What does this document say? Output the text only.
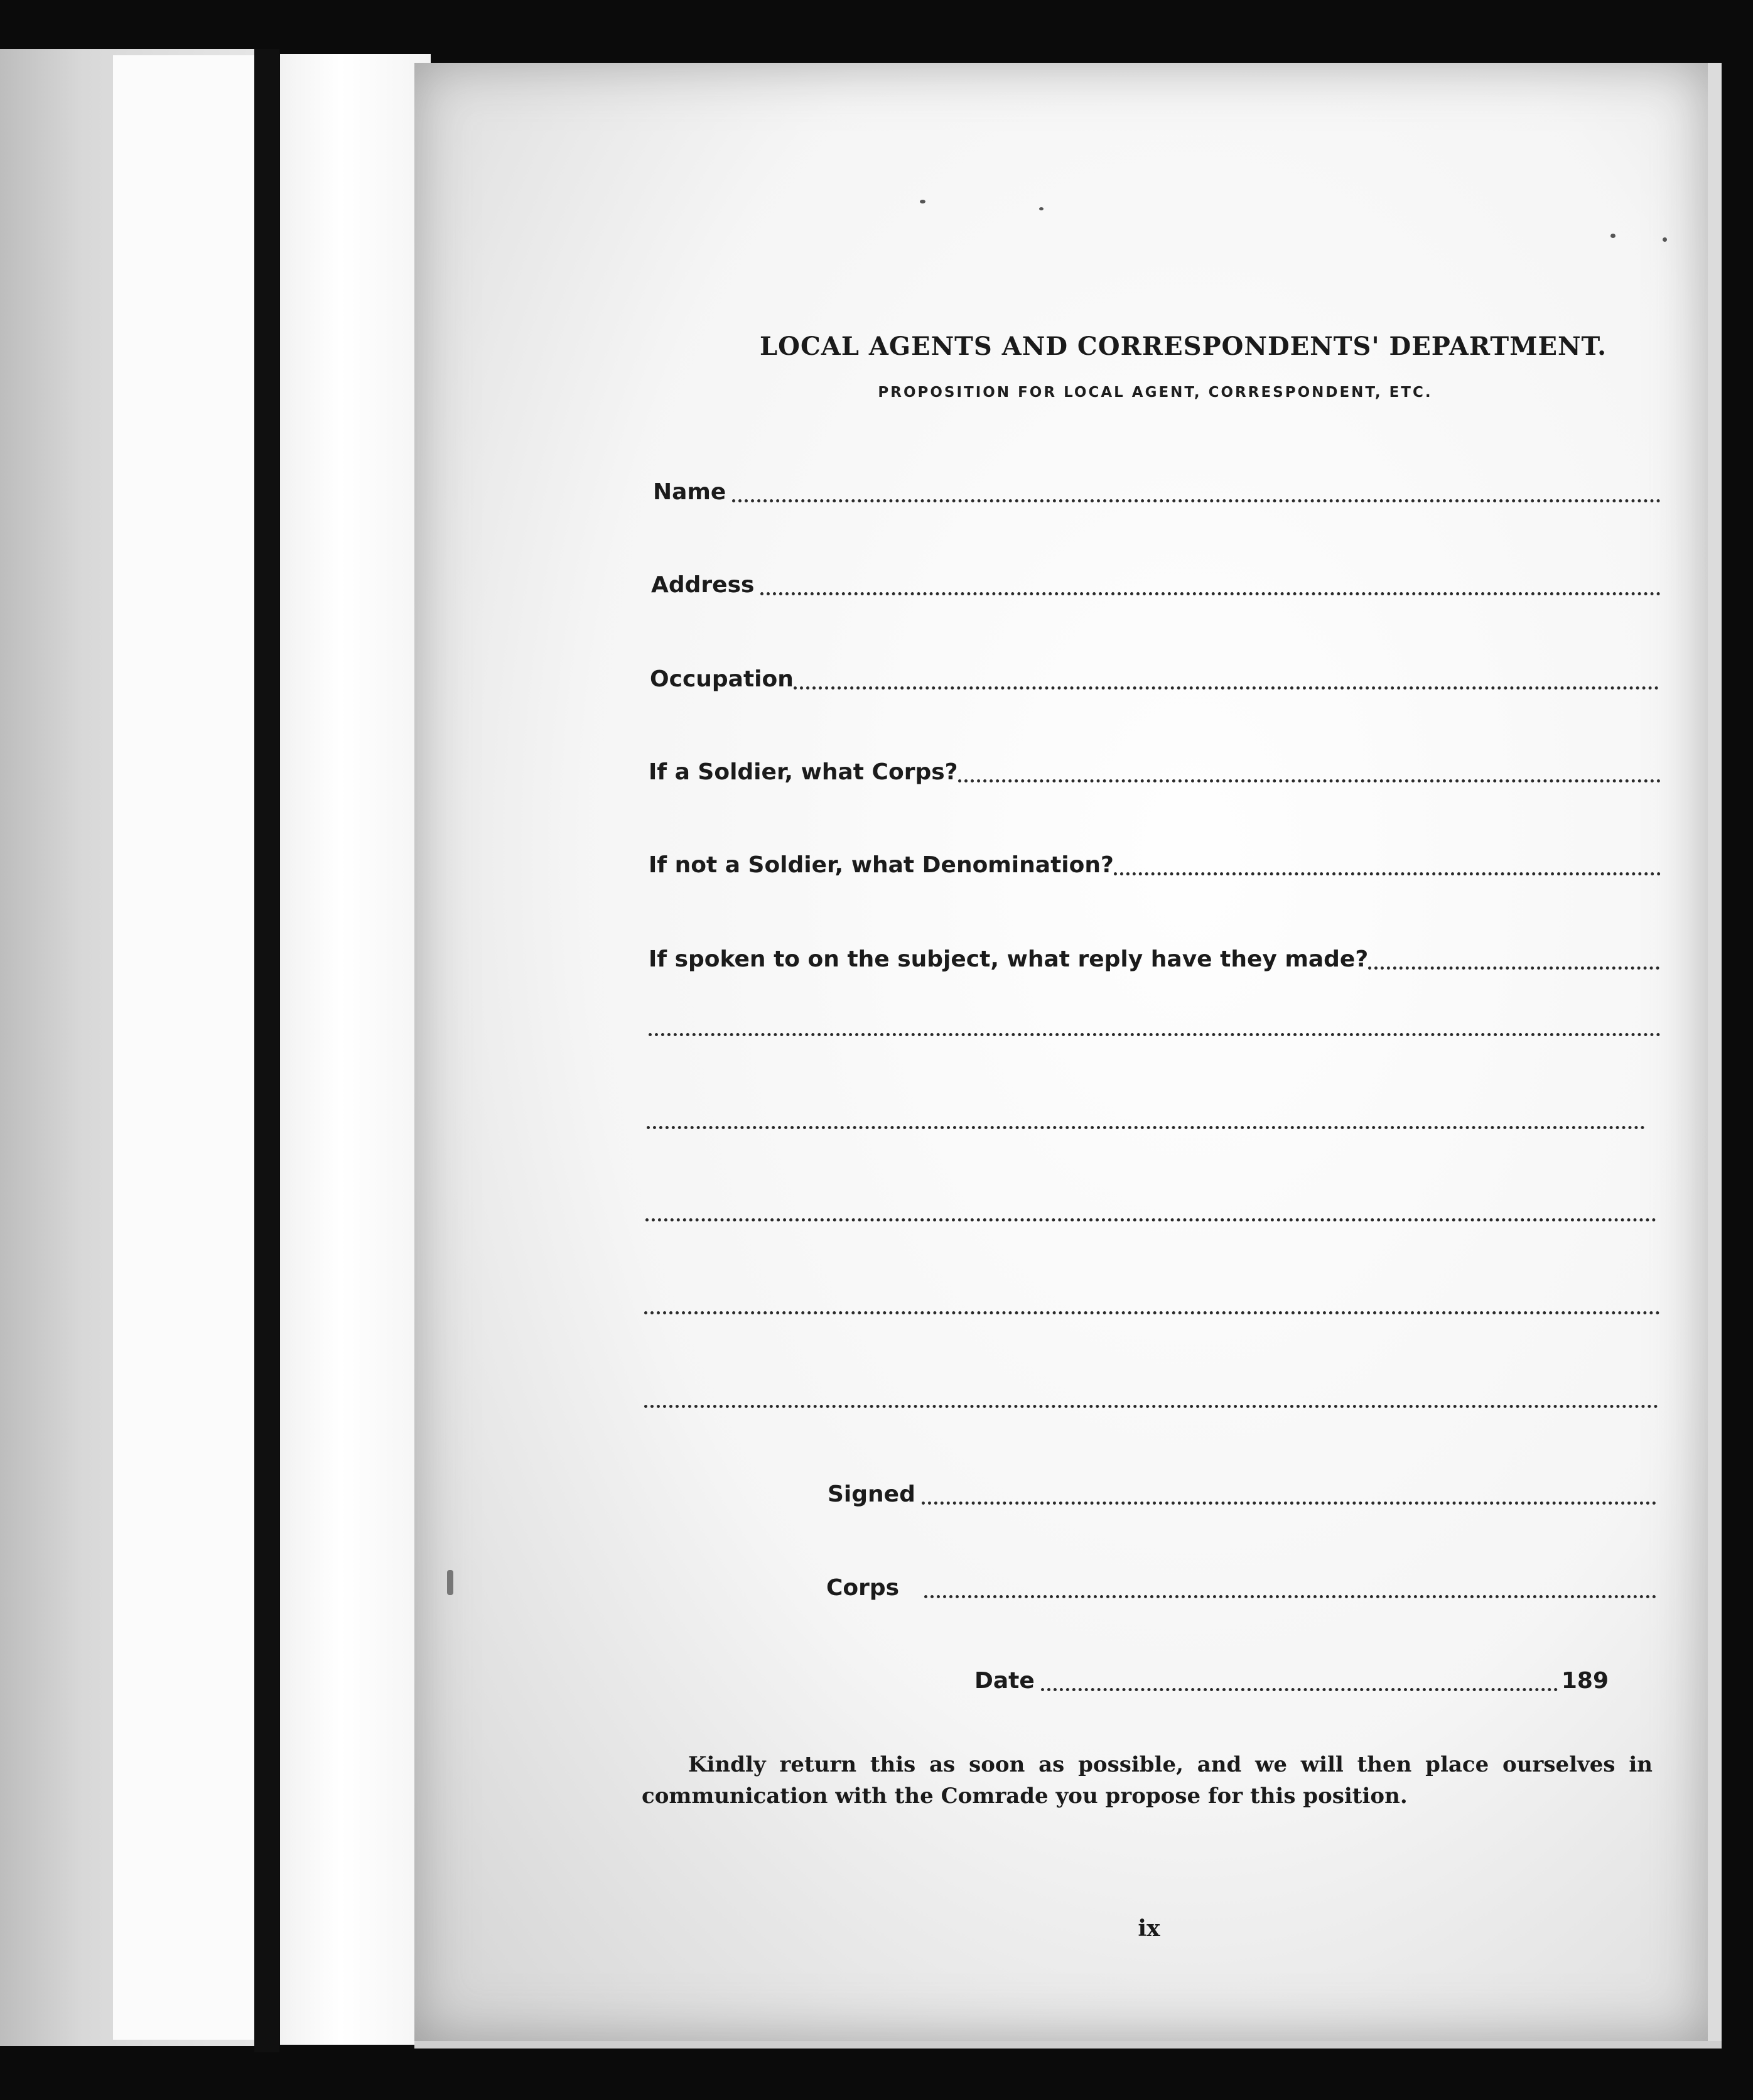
LOCAL AGENTS AND CORRESPONDENTS' DEPARTMENT.
PROPOSITION FOR LOCAL AGENT, CORRESPONDENT, ETC.
Name
Address
Occupation
If a Soldier, what Corps?
If not a Soldier, what Denomination?
If spoken to on the subject, what reply have they made?
Signed
Corps
Date	189
Kindly return this as soon as possible, and we will then place ourselves in communication with the Comrade you propose for this position.
ix
